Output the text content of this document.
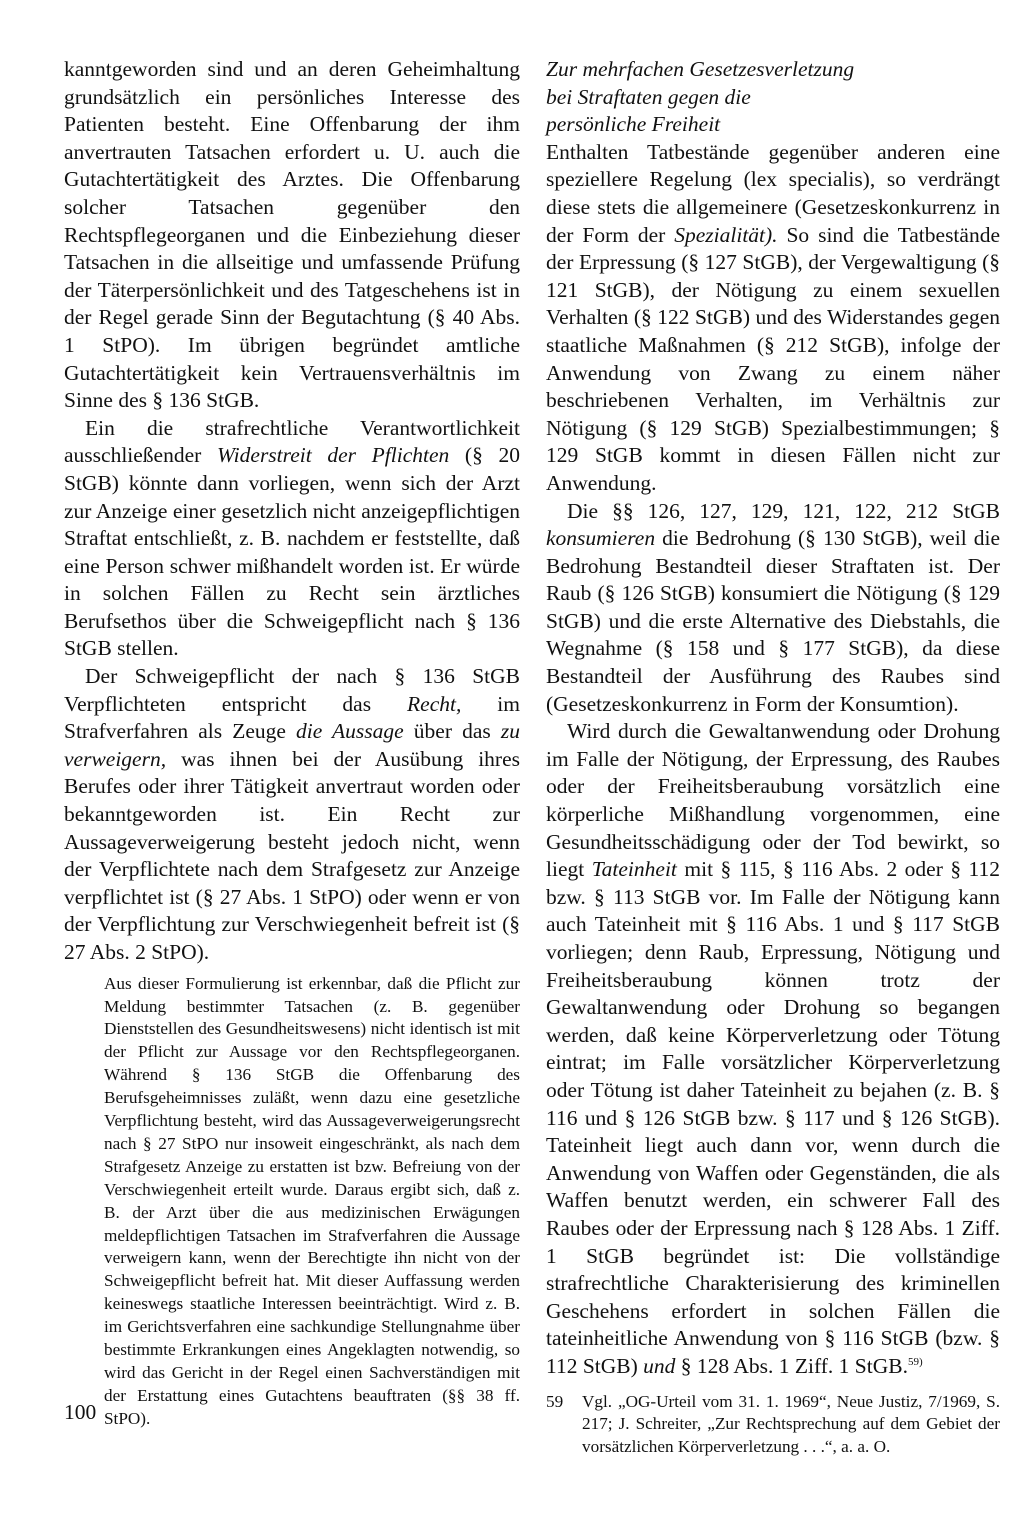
kanntgeworden sind und an deren Geheimhaltung grundsätzlich ein persönliches Interesse des Patienten besteht. Eine Offenbarung der ihm anvertrauten Tatsachen erfordert u. U. auch die Gutachtertätigkeit des Arztes. Die Offenbarung solcher Tatsachen gegenüber den Rechtspflegeorganen und die Einbeziehung dieser Tatsachen in die allseitige und umfassende Prüfung der Täterpersönlichkeit und des Tatgeschehens ist in der Regel gerade Sinn der Begutachtung (§ 40 Abs. 1 StPO). Im übrigen begründet amtliche Gutachtertätigkeit kein Vertrauensverhältnis im Sinne des § 136 StGB.

Ein die strafrechtliche Verantwortlichkeit ausschließender Widerstreit der Pflichten (§ 20 StGB) könnte dann vorliegen, wenn sich der Arzt zur Anzeige einer gesetzlich nicht anzeigepflichtigen Straftat entschließt, z. B. nachdem er feststellte, daß eine Person schwer mißhandelt worden ist. Er würde in solchen Fällen zu Recht sein ärztliches Berufsethos über die Schweigepflicht nach § 136 StGB stellen.

Der Schweigepflicht der nach § 136 StGB Verpflichteten entspricht das Recht, im Strafverfahren als Zeuge die Aussage über das zu verweigern, was ihnen bei der Ausübung ihres Berufes oder ihrer Tätigkeit anvertraut worden oder bekanntgeworden ist. Ein Recht zur Aussageverweigerung besteht jedoch nicht, wenn der Verpflichtete nach dem Strafgesetz zur Anzeige verpflichtet ist (§ 27 Abs. 1 StPO) oder wenn er von der Verpflichtung zur Verschwiegenheit befreit ist (§ 27 Abs. 2 StPO).

Aus dieser Formulierung ist erkennbar, daß die Pflicht zur Meldung bestimmter Tatsachen (z. B. gegenüber Dienststellen des Gesundheitswesens) nicht identisch ist mit der Pflicht zur Aussage vor den Rechtspflegeorganen. Während § 136 StGB die Offenbarung des Berufsgeheimnisses zuläßt, wenn dazu eine gesetzliche Verpflichtung besteht, wird das Aussageverweigerungsrecht nach § 27 StPO nur insoweit eingeschränkt, als nach dem Strafgesetz Anzeige zu erstatten ist bzw. Befreiung von der Verschwiegenheit erteilt wurde. Daraus ergibt sich, daß z. B. der Arzt über die aus medizinischen Erwägungen meldepflichtigen Tatsachen im Strafverfahren die Aussage verweigern kann, wenn der Berechtigte ihn nicht von der Schweigepflicht befreit hat. Mit dieser Auffassung werden keineswegs staatliche Interessen beeinträchtigt. Wird z. B. im Gerichtsverfahren eine sachkundige Stellungnahme über bestimmte Erkrankungen eines Angeklagten notwendig, so wird das Gericht in der Regel einen Sachverständigen mit der Erstattung eines Gutachtens beauftraten (§§ 38 ff. StPO).

Zur mehrfachen Gesetzesverletzung
bei Straftaten gegen die
persönliche Freiheit

Enthalten Tatbestände gegenüber anderen eine speziellere Regelung (lex specialis), so verdrängt diese stets die allgemeinere (Gesetzeskonkurrenz in der Form der Spezialität). So sind die Tatbestände der Erpressung (§ 127 StGB), der Vergewaltigung (§ 121 StGB), der Nötigung zu einem sexuellen Verhalten (§ 122 StGB) und des Widerstandes gegen staatliche Maßnahmen (§ 212 StGB), infolge der Anwendung von Zwang zu einem näher beschriebenen Verhalten, im Verhältnis zur Nötigung (§ 129 StGB) Spezialbestimmungen; § 129 StGB kommt in diesen Fällen nicht zur Anwendung.

Die §§ 126, 127, 129, 121, 122, 212 StGB konsumieren die Bedrohung (§ 130 StGB), weil die Bedrohung Bestandteil dieser Straftaten ist. Der Raub (§ 126 StGB) konsumiert die Nötigung (§ 129 StGB) und die erste Alternative des Diebstahls, die Wegnahme (§ 158 und § 177 StGB), da diese Bestandteil der Ausführung des Raubes sind (Gesetzeskonkurrenz in Form der Konsumtion).

Wird durch die Gewaltanwendung oder Drohung im Falle der Nötigung, der Erpressung, des Raubes oder der Freiheitsberaubung vorsätzlich eine körperliche Mißhandlung vorgenommen, eine Gesundheitsschädigung oder der Tod bewirkt, so liegt Tateinheit mit § 115, § 116 Abs. 2 oder § 112 bzw. § 113 StGB vor. Im Falle der Nötigung kann auch Tateinheit mit § 116 Abs. 1 und § 117 StGB vorliegen; denn Raub, Erpressung, Nötigung und Freiheitsberaubung können trotz der Gewaltanwendung oder Drohung so begangen werden, daß keine Körperverletzung oder Tötung eintrat; im Falle vorsätzlicher Körperverletzung oder Tötung ist daher Tateinheit zu bejahen (z. B. § 116 und § 126 StGB bzw. § 117 und § 126 StGB). Tateinheit liegt auch dann vor, wenn durch die Anwendung von Waffen oder Gegenständen, die als Waffen benutzt werden, ein schwerer Fall des Raubes oder der Erpressung nach § 128 Abs. 1 Ziff. 1 StGB begründet ist: Die vollständige strafrechtliche Charakterisierung des kriminellen Geschehens erfordert in solchen Fällen die tateinheitliche Anwendung von § 116 StGB (bzw. § 112 StGB) und § 128 Abs. 1 Ziff. 1 StGB.$^{59)}$

59 Vgl. „OG-Urteil vom 31. 1. 1969“, Neue Justiz, 7/1969, S. 217; J. Schreiter, „Zur Rechtsprechung auf dem Gebiet der vorsätzlichen Körperverletzung . . .“, a. a. O.

100
